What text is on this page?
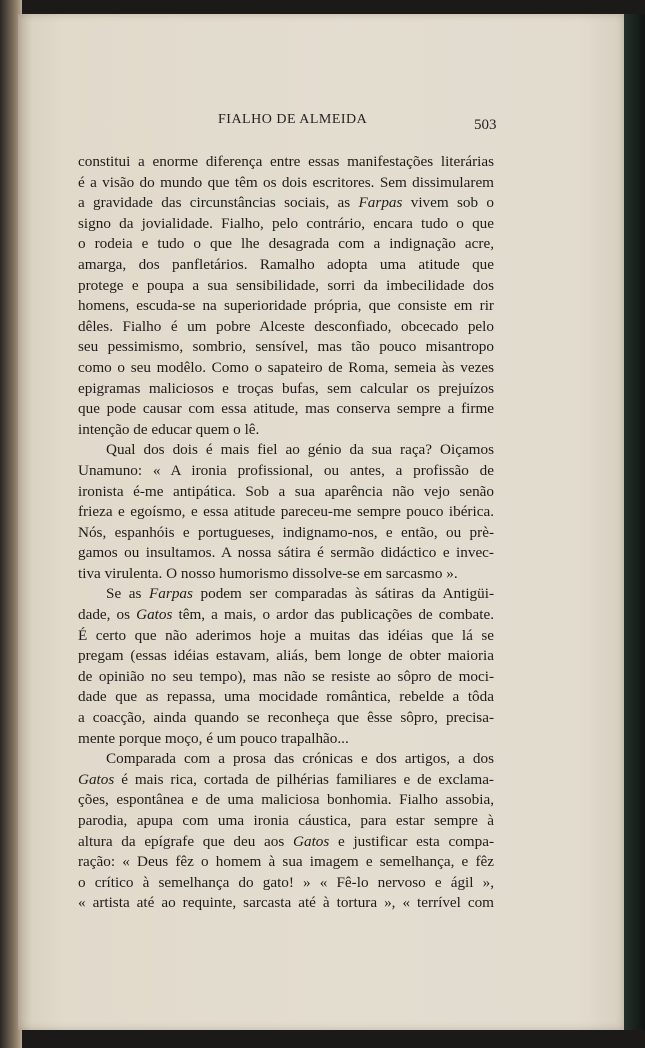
FIALHO DE ALMEIDA	503
constitui a enorme diferença entre essas manifestações literárias
é a visão do mundo que têm os dois escritores. Sem dissimularem
a gravidade das circunstâncias sociais, as Farpas vivem sob o
signo da jovialidade. Fialho, pelo contrário, encara tudo o que
o rodeia e tudo o que lhe desagrada com a indignação acre,
amarga, dos panfletários. Ramalho adopta uma atitude que
protege e poupa a sua sensibilidade, sorri da imbecilidade dos
homens, escuda-se na superioridade própria, que consiste em rir
dêles. Fialho é um pobre Alceste desconfiado, obcecado pelo
seu pessimismo, sombrio, sensível, mas tão pouco misantropo
como o seu modêlo. Como o sapateiro de Roma, semeia às vezes
epigramas maliciosos e troças bufas, sem calcular os prejuízos
que pode causar com essa atitude, mas conserva sempre a firme
intenção de educar quem o lê.
Qual dos dois é mais fiel ao génio da sua raça? Oiçamos
Unamuno: « A ironia profissional, ou antes, a profissão de
ironista é-me antipática. Sob a sua aparência não vejo senão
frieza e egoísmo, e essa atitude pareceu-me sempre pouco ibérica.
Nós, espanhóis e portugueses, indignamo-nos, e então, ou prè-
gamos ou insultamos. A nossa sátira é sermão didáctico e invec-
tiva virulenta. O nosso humorismo dissolve-se em sarcasmo ».
Se as Farpas podem ser comparadas às sátiras da Antigüi-
dade, os Gatos têm, a mais, o ardor das publicações de combate.
É certo que não aderimos hoje a muitas das idéias que lá se
pregam (essas idéias estavam, aliás, bem longe de obter maioria
de opinião no seu tempo), mas não se resiste ao sôpro de moci-
dade que as repassa, uma mocidade romântica, rebelde a tôda
a coacção, ainda quando se reconheça que êsse sôpro, precisa-
mente porque moço, é um pouco trapalhão...
Comparada com a prosa das crónicas e dos artigos, a dos
Gatos é mais rica, cortada de pilhérias familiares e de exclama-
ções, espontânea e de uma maliciosa bonhomia. Fialho assobia,
parodia, apupa com uma ironia cáustica, para estar sempre à
altura da epígrafe que deu aos Gatos e justificar esta compa-
ração: « Deus fêz o homem à sua imagem e semelhança, e fêz
o crítico à semelhança do gato! » « Fê-lo nervoso e ágil »,
« artista até ao requinte, sarcasta até à tortura », « terrível com
